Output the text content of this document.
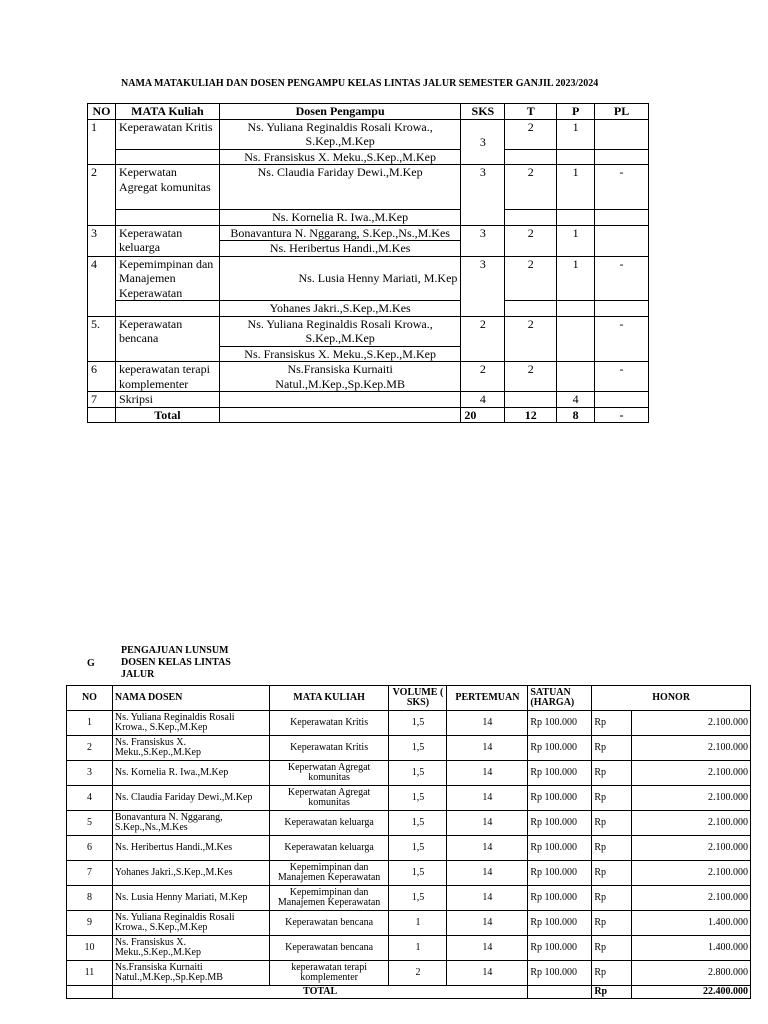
NAMA MATAKULIAH DAN DOSEN PENGAMPU KELAS LINTAS JALUR SEMESTER GANJIL 2023/2024
NO	MATA Kuliah	Dosen Pengampu	SKS	T	P	PL
1	Keperawatan Kritis	Ns. Yuliana Reginaldis Rosali Krowa., S.Kep.,M.Kep	3	2	1	
		Ns. Fransiskus X. Meku.,S.Kep.,M.Kep				
2	Keperwatan Agregat komunitas	Ns. Claudia Fariday Dewi.,M.Kep	3	2	1	-
		Ns. Kornelia R. Iwa.,M.Kep				
3	Keperawatan keluarga	Bonavantura N. Nggarang, S.Kep.,Ns.,M.Kes	3	2	1	
		Ns. Heribertus Handi.,M.Kes				
4	Kepemimpinan dan Manajemen Keperawatan	Ns. Lusia Henny Mariati, M.Kep	3	2	1	-
		Yohanes Jakri.,S.Kep.,M.Kes				
5.	Keperawatan bencana	Ns. Yuliana Reginaldis Rosali Krowa., S.Kep.,M.Kep	2	2		-
		Ns. Fransiskus X. Meku.,S.Kep.,M.Kep				
6	keperawatan terapi komplementer	Ns.Fransiska Kurnaiti Natul.,M.Kep.,Sp.Kep.MB	2	2		-
7	Skripsi		4		4	
	Total		20	12	8	-
G
PENGAJUAN LUNSUM DOSEN KELAS LINTAS JALUR
NO	NAMA DOSEN	MATA KULIAH	VOLUME ( SKS)	PERTEMUAN	SATUAN (HARGA)	HONOR	
1	Ns. Yuliana Reginaldis Rosali Krowa., S.Kep.,M.Kep	Keperawatan Kritis	1,5	14	Rp 100.000	Rp	2.100.000
2	Ns. Fransiskus X. Meku.,S.Kep.,M.Kep	Keperawatan Kritis	1,5	14	Rp 100.000	Rp	2.100.000
3	Ns. Kornelia R. Iwa.,M.Kep	Keperwatan Agregat komunitas	1,5	14	Rp 100.000	Rp	2.100.000
4	Ns. Claudia Fariday Dewi.,M.Kep	Keperwatan Agregat komunitas	1,5	14	Rp 100.000	Rp	2.100.000
5	Bonavantura N. Nggarang, S.Kep.,Ns.,M.Kes	Keperawatan keluarga	1,5	14	Rp 100.000	Rp	2.100.000
6	Ns. Heribertus Handi.,M.Kes	Keperawatan keluarga	1,5	14	Rp 100.000	Rp	2.100.000
7	Yohanes Jakri.,S.Kep.,M.Kes	Kepemimpinan dan Manajemen Keperawatan	1,5	14	Rp 100.000	Rp	2.100.000
8	Ns. Lusia Henny Mariati, M.Kep	Kepemimpinan dan Manajemen Keperawatan	1,5	14	Rp 100.000	Rp	2.100.000
9	Ns. Yuliana Reginaldis Rosali Krowa., S.Kep.,M.Kep	Keperawatan bencana	1	14	Rp 100.000	Rp	1.400.000
10	Ns. Fransiskus X. Meku.,S.Kep.,M.Kep	Keperawatan bencana	1	14	Rp 100.000	Rp	1.400.000
11	Ns.Fransiska Kurnaiti Natul.,M.Kep.,Sp.Kep.MB	keperawatan terapi komplementer	2	14	Rp 100.000	Rp	2.800.000
	TOTAL					Rp	22.400.000
